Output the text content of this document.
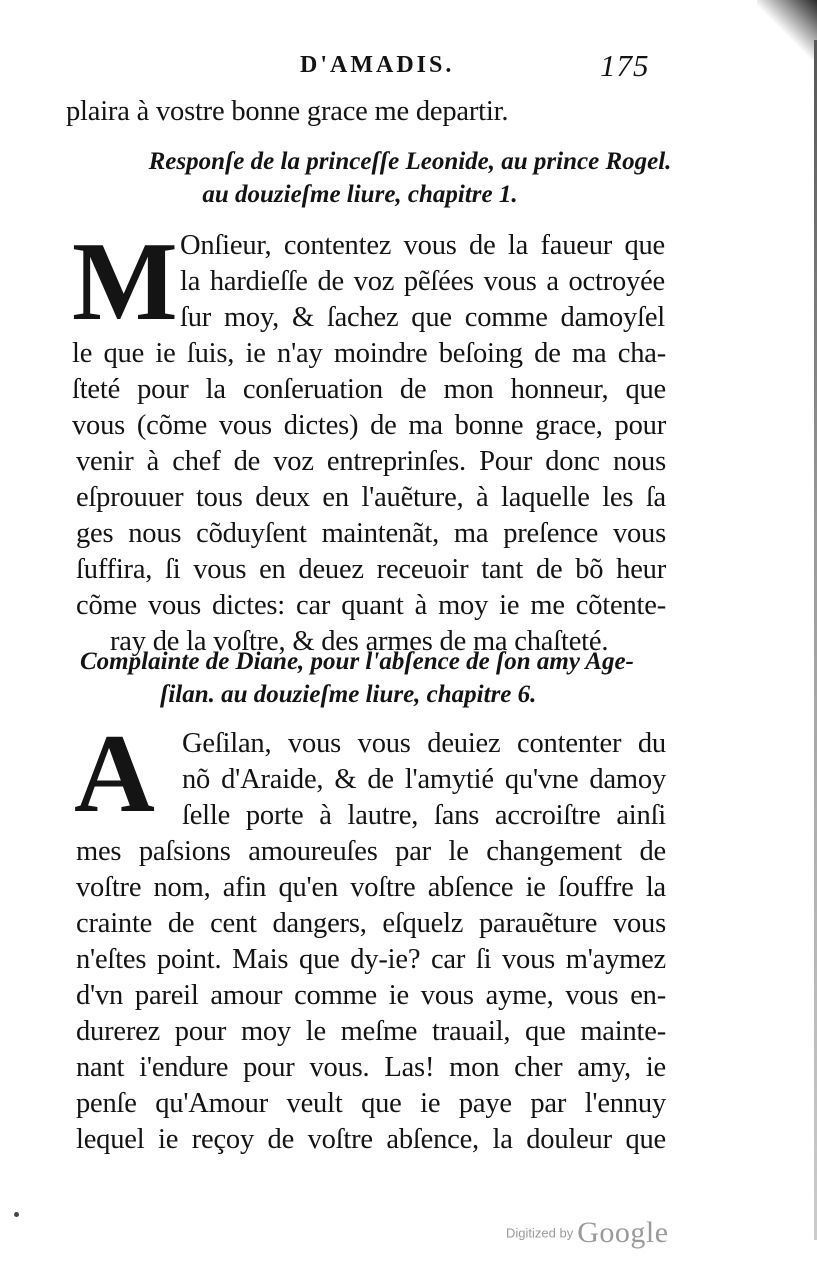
D'AMADIS.	175
plaira à vostre bonne grace me departir.
Responſe de la princeſſe Leonide, au prince Rogel.
au douzieſme liure, chapitre 1.
M Onſieur, contentez vous de la faueur que
la hardieſſe de voz pẽſées vous a octroyée
ſur moy, & ſachez que comme damoyſel
le que ie ſuis, ie n'ay moindre beſoing de ma cha-
ſteté pour la conſeruation de mon honneur, que
vous (cõme vous dictes) de ma bonne grace, pour
venir à chef de voz entreprinſes. Pour donc nous
eſprouuer tous deux en l'auẽture, à laquelle les ſa
ges nous cõduyſent maintenãt, ma preſence vous
ſuffira, ſi vous en deuez receuoir tant de bõ heur
cõme vous dictes: car quant à moy ie me cõtente-
ray de la voſtre, & des armes de ma chaſteté.
Complainte de Diane, pour l'abſence de ſon amy Age-
ſilan. au douzieſme liure, chapitre 6.
A Geſilan, vous vous deuiez contenter du
nõ d'Araide, & de l'amytié qu'vne damoy
ſelle porte à lautre, ſans accroiſtre ainſi
mes paſsions amoureuſes par le changement de
voſtre nom, afin qu'en voſtre abſence ie ſouffre la
crainte de cent dangers, eſquelz parauẽture vous
n'eſtes point. Mais que dy-ie? car ſi vous m'aymez
d'vn pareil amour comme ie vous ayme, vous en-
durerez pour moy le meſme trauail, que mainte-
nant i'endure pour vous. Las! mon cher amy, ie
penſe qu'Amour veult que ie paye par l'ennuy
lequel ie reçoy de voſtre abſence, la douleur que
Digitized by Google
